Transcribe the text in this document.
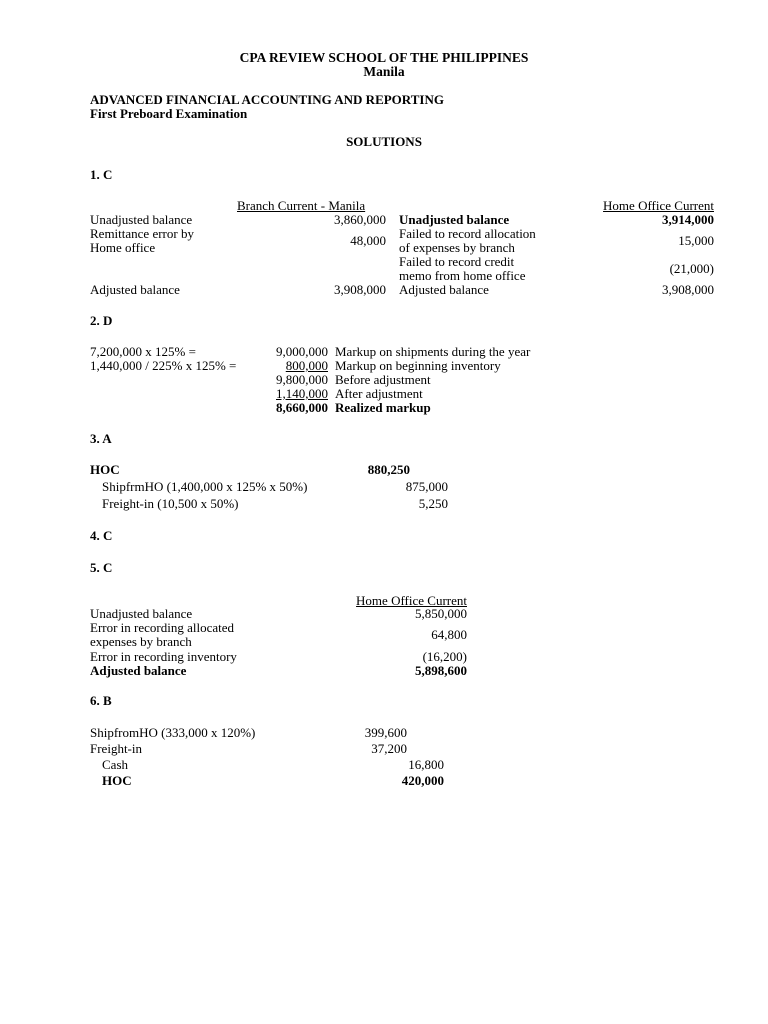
CPA REVIEW SCHOOL OF THE PHILIPPINES
Manila
ADVANCED FINANCIAL ACCOUNTING AND REPORTING
First Preboard Examination
SOLUTIONS
1. C
Branch Current - Manila	Home Office Current
Unadjusted balance	3,860,000
Remittance error by
Home office	48,000
Adjusted balance	3,908,000
Unadjusted balance	3,914,000
Failed to record allocation
of expenses by branch	15,000
Failed to record credit
memo from home office	(21,000)
Adjusted balance	3,908,000
2. D
7,200,000 x 125% =	9,000,000 Markup on shipments during the year
1,440,000 / 225% x 125% =	800,000 Markup on beginning inventory
9,800,000 Before adjustment
1,140,000 After adjustment
8,660,000 Realized markup
3. A
HOC	880,250
ShipfrmHO (1,400,000 x 125% x 50%)	875,000
Freight-in (10,500 x 50%)	5,250
4. C
5. C
Home Office Current
Unadjusted balance	5,850,000
Error in recording allocated
expenses by branch	64,800
Error in recording inventory	(16,200)
Adjusted balance	5,898,600
6. B
ShipfromHO (333,000 x 120%)	399,600
Freight-in	37,200
Cash	16,800
HOC	420,000
